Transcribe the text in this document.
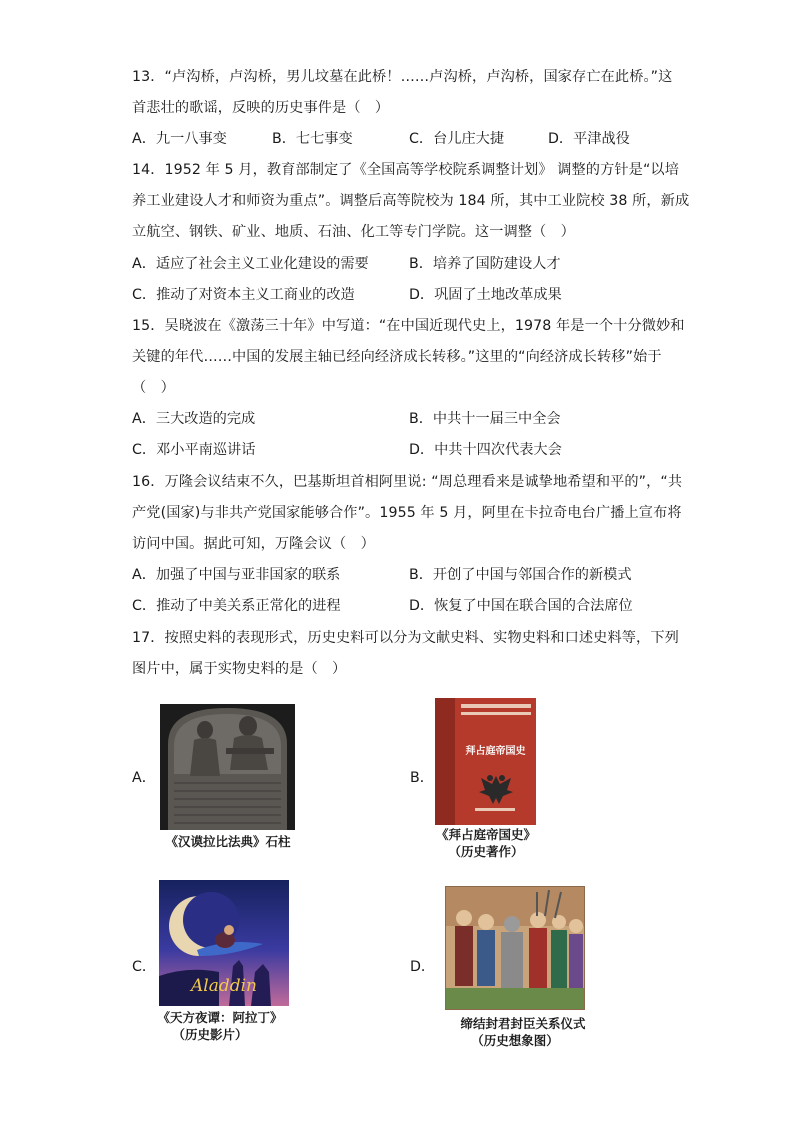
13．“卢沟桥，卢沟桥，男儿坟墓在此桥！……卢沟桥，卢沟桥，国家存亡在此桥。”这
首悲壮的歌谣，反映的历史事件是（　）
A．九一八事变	B．七七事变	C．台儿庄大捷	D．平津战役
14．1952 年 5 月，教育部制定了《全国高等学校院系调整计划》 调整的方针是“以培
养工业建设人才和师资为重点”。调整后高等院校为 184 所，其中工业院校 38 所，新成
立航空、钢铁、矿业、地质、石油、化工等专门学院。这一调整（　）
A．适应了社会主义工业化建设的需要	B．培养了国防建设人才
C．推动了对资本主义工商业的改造	D．巩固了土地改革成果
15．吴晓波在《激荡三十年》中写道：“在中国近现代史上，1978 年是一个十分微妙和
关键的年代……中国的发展主轴已经向经济成长转移。”这里的“向经济成长转移”始于
（　）
A．三大改造的完成	B．中共十一届三中全会
C．邓小平南巡讲话	D．中共十四次代表大会
16．万隆会议结束不久，巴基斯坦首相阿里说: “周总理看来是诚挚地希望和平的”，“共
产党(国家)与非共产党国家能够合作”。1955 年 5 月，阿里在卡拉奇电台广播上宣布将
访问中国。据此可知，万隆会议（　）
A．加强了中国与亚非国家的联系	B．开创了中国与邻国合作的新模式
C．推动了中美关系正常化的进程	D．恢复了中国在联合国的合法席位
17．按照史料的表现形式，历史史料可以分为文献史料、实物史料和口述史料等，下列
图片中，属于实物史料的是（　）
A．
《汉谟拉比法典》石柱
B．
拜占庭帝国史
《拜占庭帝国史》
（历史著作）
C．
Aladdin
《天方夜谭：阿拉丁》
（历史影片）
D．
缔结封君封臣关系仪式
（历史想象图）
